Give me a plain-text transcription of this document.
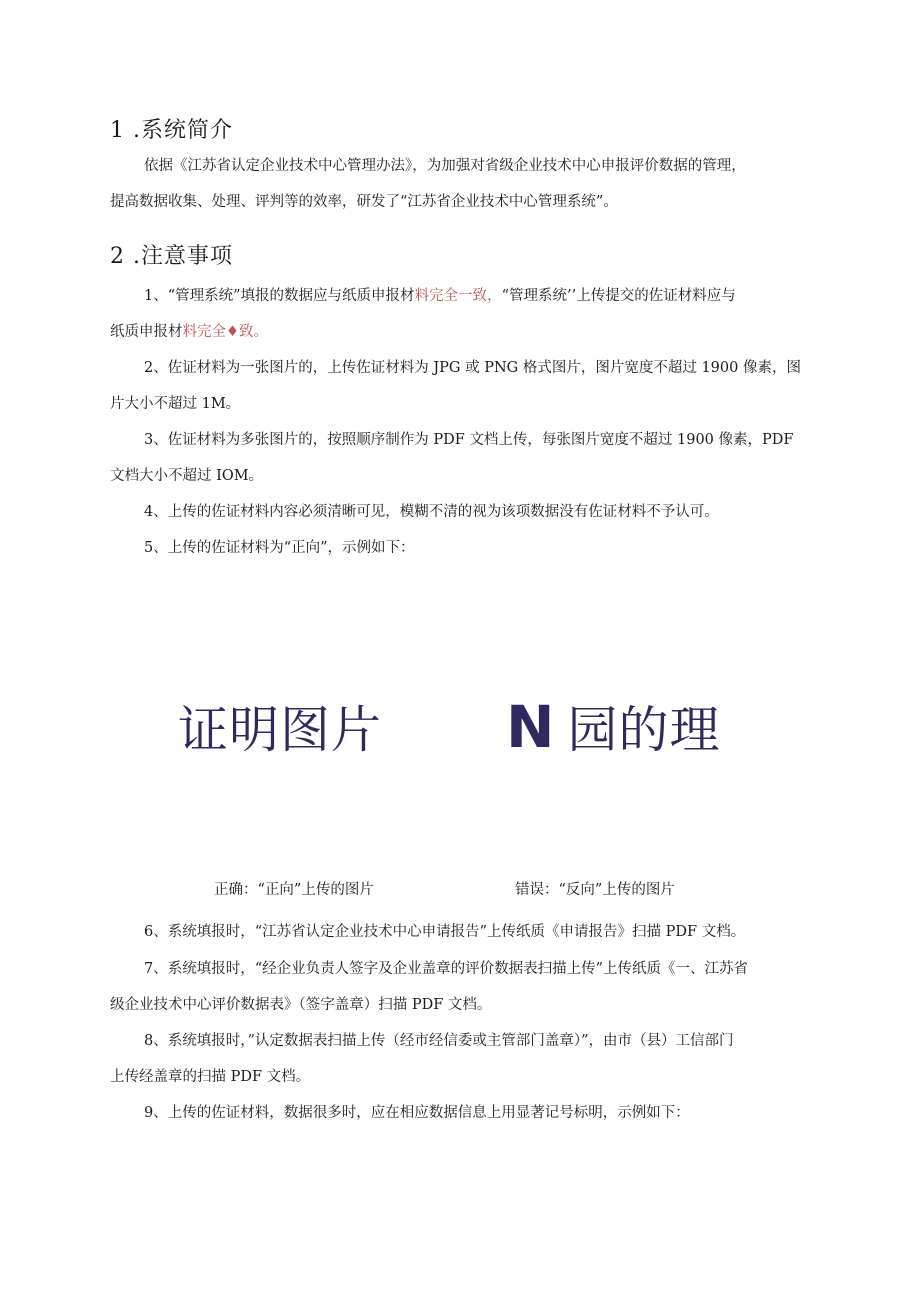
1 .系统简介
依据《江苏省认定企业技术中心管理办法》，为加强对省级企业技术中心申报评价数据的管理，
提高数据收集、处理、评判等的效率，研发了“江苏省企业技术中心管理系统”。
2 .注意事项
1、“管理系统”填报的数据应与纸质申报材料完全一致，“管理系统’’上传提交的佐证材料应与
纸质申报材料完全♦致。
2、佐证材料为一张图片的，上传佐证材料为 JPG 或 PNG 格式图片，图片宽度不超过 1900 像素，图
片大小不超过 1M。
3、佐证材料为多张图片的，按照顺序制作为 PDF 文档上传，每张图片宽度不超过 1900 像素，PDF
文档大小不超过 IOM。
4、上传的佐证材料内容必须清晰可见，模糊不清的视为该项数据没有佐证材料不予认可。
5、上传的佐证材料为“正向”，示例如下：
证明图片 N 园的理
正确：“正向”上传的图片	错误：“反向”上传的图片
6、系统填报时，“江苏省认定企业技术中心申请报告”上传纸质《申请报告》扫描 PDF 文档。
7、系统填报时，“经企业负责人签字及企业盖章的评价数据表扫描上传”上传纸质《一、江苏省
级企业技术中心评价数据表》（签字盖章）扫描 PDF 文档。
8、系统填报时，”认定数据表扫描上传（经市经信委或主管部门盖章）”，由市（县）工信部门
上传经盖章的扫描 PDF 文档。
9、上传的佐证材料，数据很多时，应在相应数据信息上用显著记号标明，示例如下：
